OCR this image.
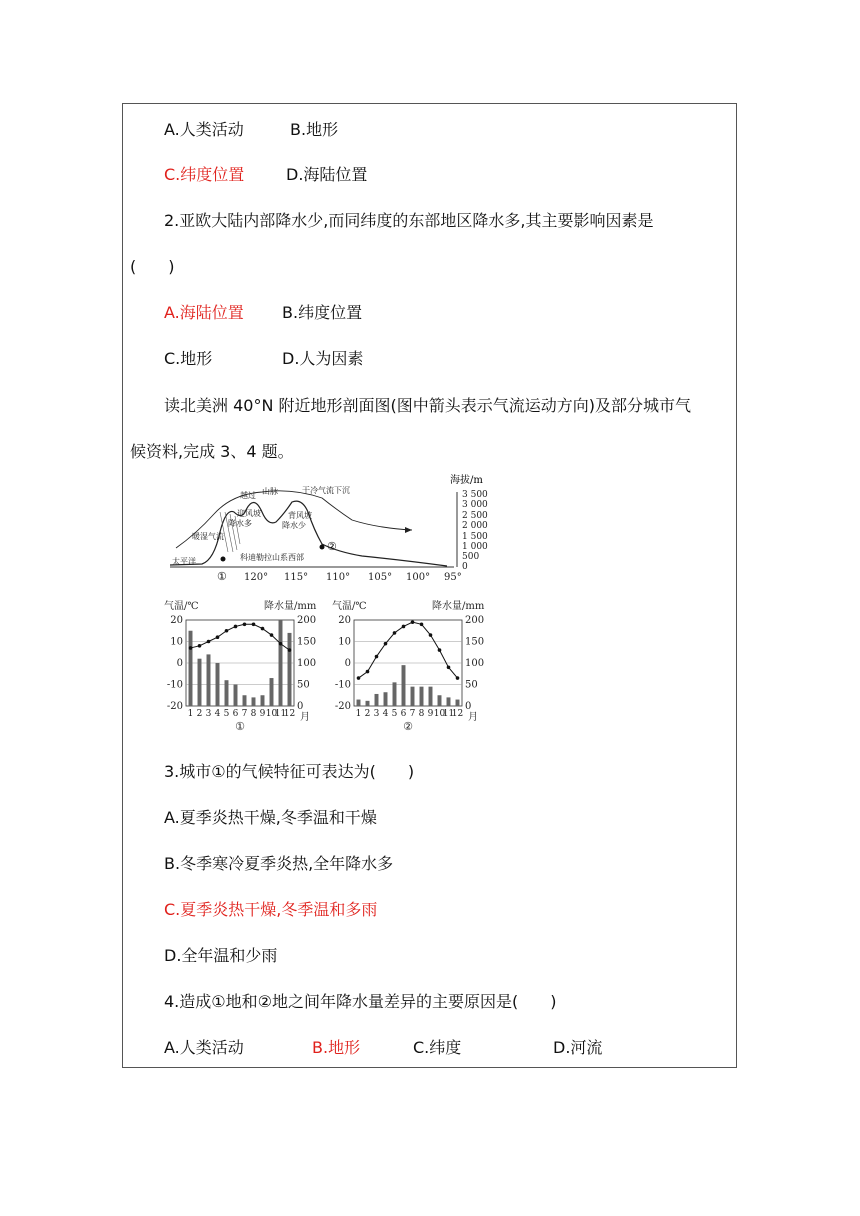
A.人类活动	B.地形
C.纬度位置	D.海陆位置
2.亚欧大陆内部降水少,而同纬度的东部地区降水多,其主要影响因素是
(　　)
A.海陆位置 B.纬度位置
C.地形	D.人为因素
读北美洲 40°N 附近地形剖面图(图中箭头表示气流运动方向)及部分城市气
候资料,完成 3、4 题。
海拔/m
3 500
3 000
2 500
2 000
1 500
1 000
500
0
暖湿气流
迎风坡
降水多
越过 山脉	干冷气流下沉
背风坡
降水少
科迪勒拉山系西部
太平洋
①
②
120° 115° 110° 105° 100° 95°
气温/℃	降水量/mm
20	200
10	150
0	100
-10	50
-20	0
1 2 3 4 5 6 7 8 9 10
11
12 月
①
气温/℃	降水量/mm
20	200
10	150
0	100
-10	50
-20	0
1 2 3 4 5 6 7 8 9 10
11
12 月
②
3.城市①的气候特征可表达为(　　)
A.夏季炎热干燥,冬季温和干燥
B.冬季寒冷夏季炎热,全年降水多
C.夏季炎热干燥,冬季温和多雨
D.全年温和少雨
4.造成①地和②地之间年降水量差异的主要原因是(　　)
A.人类活动	B.地形	C.纬度	D.河流
